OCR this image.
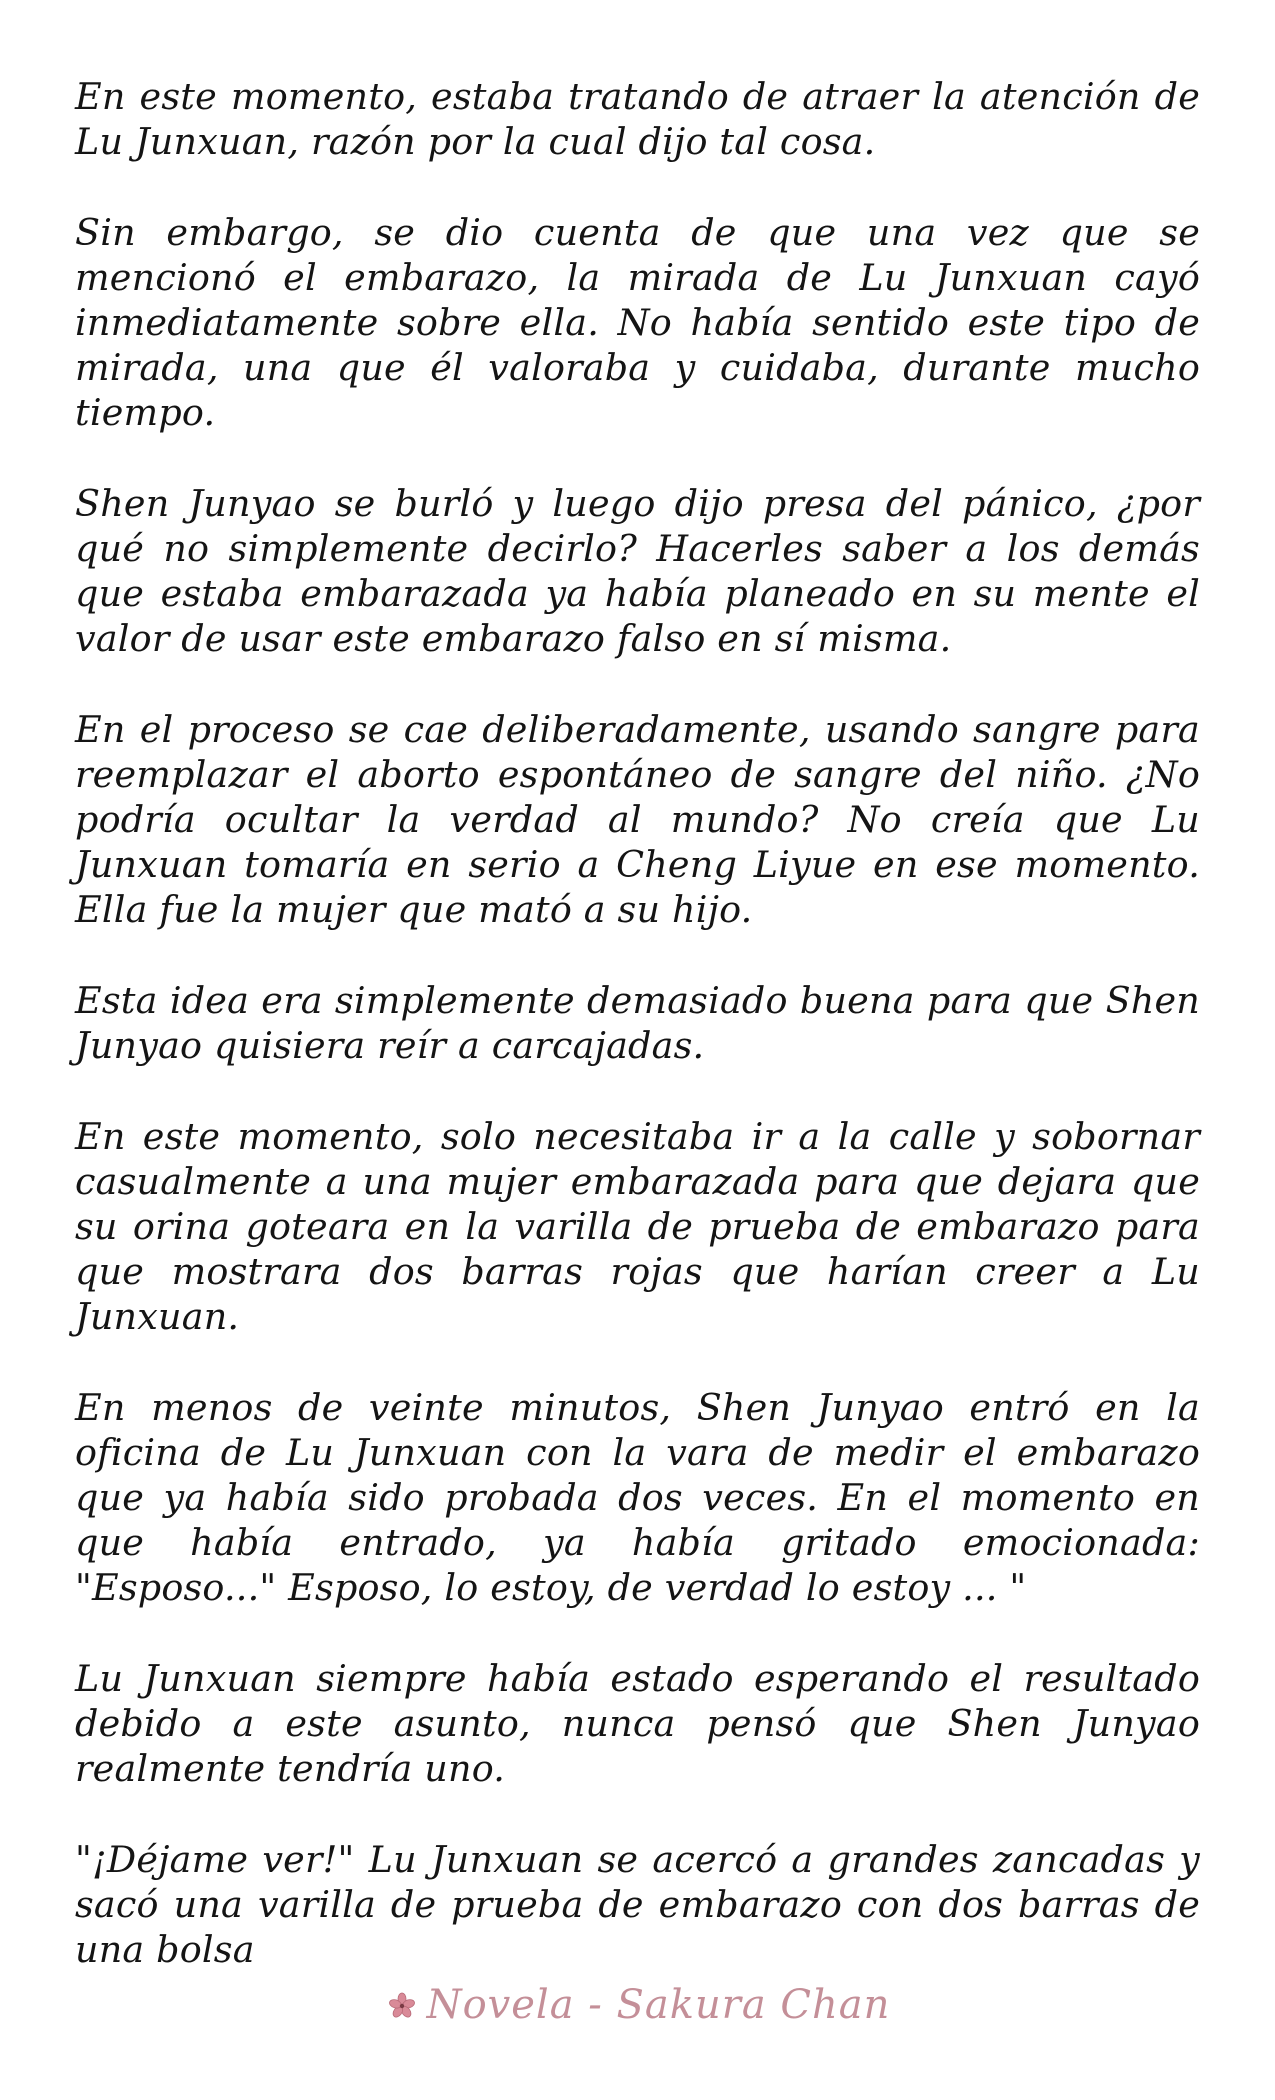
En este momento, estaba tratando de atraer la atención de Lu Junxuan, razón por la cual dijo tal cosa.

Sin embargo, se dio cuenta de que una vez que se mencionó el embarazo, la mirada de Lu Junxuan cayó inmediatamente sobre ella. No había sentido este tipo de mirada, una que él valoraba y cuidaba, durante mucho tiempo.

Shen Junyao se burló y luego dijo presa del pánico, ¿por qué no simplemente decirlo? Hacerles saber a los demás que estaba embarazada ya había planeado en su mente el valor de usar este embarazo falso en sí misma.

En el proceso se cae deliberadamente, usando sangre para reemplazar el aborto espontáneo de sangre del niño. ¿No podría ocultar la verdad al mundo? No creía que Lu Junxuan tomaría en serio a Cheng Liyue en ese momento. Ella fue la mujer que mató a su hijo.

Esta idea era simplemente demasiado buena para que Shen Junyao quisiera reír a carcajadas.

En este momento, solo necesitaba ir a la calle y sobornar casualmente a una mujer embarazada para que dejara que su orina goteara en la varilla de prueba de embarazo para que mostrara dos barras rojas que harían creer a Lu Junxuan.

En menos de veinte minutos, Shen Junyao entró en la oficina de Lu Junxuan con la vara de medir el embarazo que ya había sido probada dos veces. En el momento en que había entrado, ya había gritado emocionada: "Esposo..." Esposo, lo estoy, de verdad lo estoy ... "

Lu Junxuan siempre había estado esperando el resultado debido a este asunto, nunca pensó que Shen Junyao realmente tendría uno.

"¡Déjame ver!" Lu Junxuan se acercó a grandes zancadas y sacó una varilla de prueba de embarazo con dos barras de una bolsa

Novela - Sakura Chan
